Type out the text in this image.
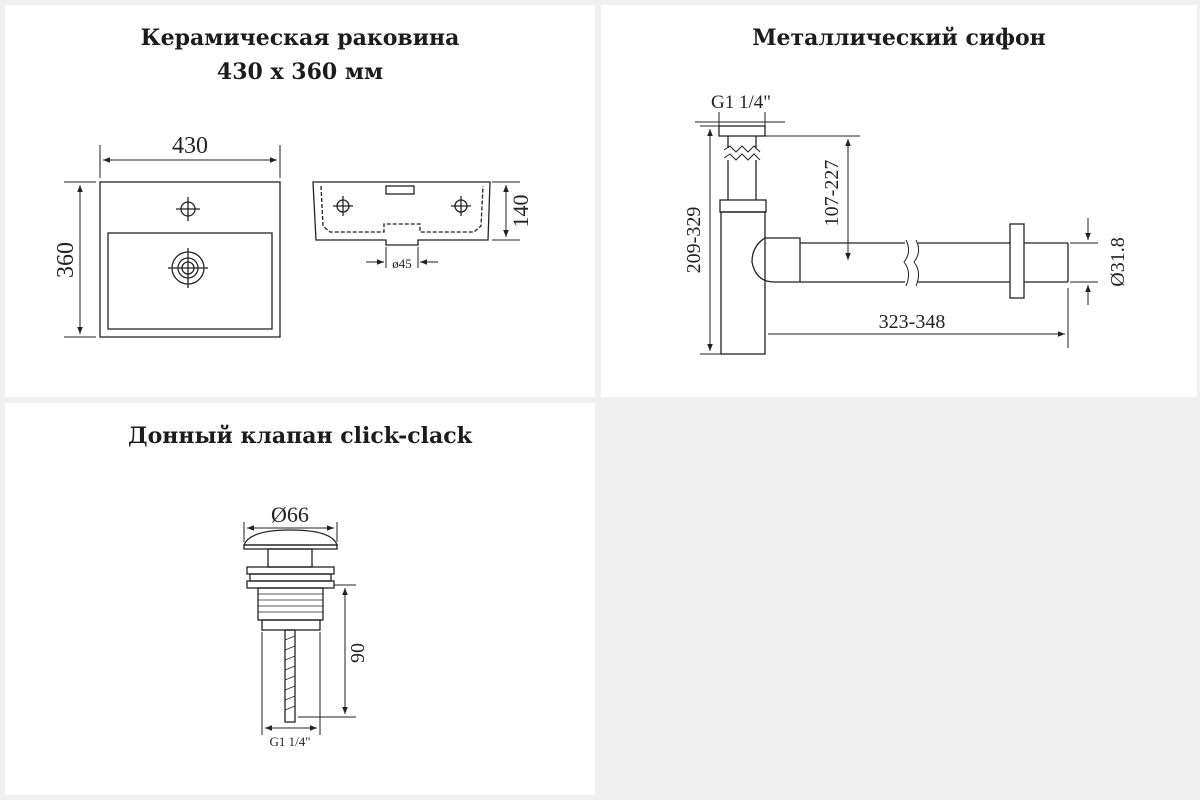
Керамическая раковина
430 х 360 мм
430
360
140
ø45
Металлический сифон
G1 1/4"
209-329
107-227
323-348
Ø31.8
Донный клапан click-clack
Ø66
90
G1 1/4"
